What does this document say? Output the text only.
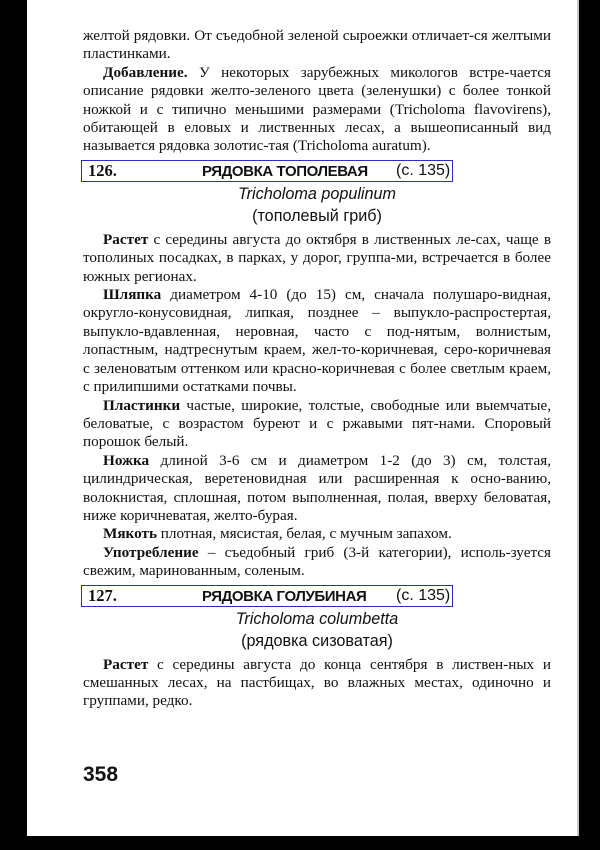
желтой рядовки. От съедобной зеленой сыроежки отличает-ся желтыми пластинками.

Добавление. У некоторых зарубежных микологов встре-чается описание рядовки желто-зеленого цвета (зеленушки) с более тонкой ножкой и с типично меньшими размерами (Tricholoma flavovirens), обитающей в еловых и лиственных лесах, а вышеописанный вид называется рядовка золотис-тая (Tricholoma auratum).

126.	РЯДОВКА ТОПОЛЕВАЯ (с. 135)
Tricholoma populinum
(тополевый гриб)

Растет с середины августа до октября в лиственных ле-сах, чаще в тополиных посадках, в парках, у дорог, группа-ми, встречается в более южных регионах.

Шляпка диаметром 4-10 (до 15) см, сначала полушаро-видная, округло-конусовидная, липкая, позднее – выпукло-распростертая, выпукло-вдавленная, неровная, часто с под-нятым, волнистым, лопастным, надтреснутым краем, жел-то-коричневая, серо-коричневая с зеленоватым оттенком или красно-коричневая с более светлым краем, с прилипшими остатками почвы.

Пластинки частые, широкие, толстые, свободные или выемчатые, беловатые, с возрастом буреют и с ржавыми пят-нами. Споровый порошок белый.

Ножка длиной 3-6 см и диаметром 1-2 (до 3) см, толстая, цилиндрическая, веретеновидная или расширенная к осно-ванию, волокнистая, сплошная, потом выполненная, полая, вверху беловатая, ниже коричневатая, желто-бурая.

Мякоть плотная, мясистая, белая, с мучным запахом.

Употребление – съедобный гриб (3-й категории), исполь-зуется свежим, маринованным, соленым.

127.	РЯДОВКА ГОЛУБИНАЯ (с. 135)
Tricholoma columbetta
(рядовка сизоватая)

Растет с середины августа до конца сентября в листвен-ных и смешанных лесах, на пастбищах, во влажных местах, одиночно и группами, редко.

358
